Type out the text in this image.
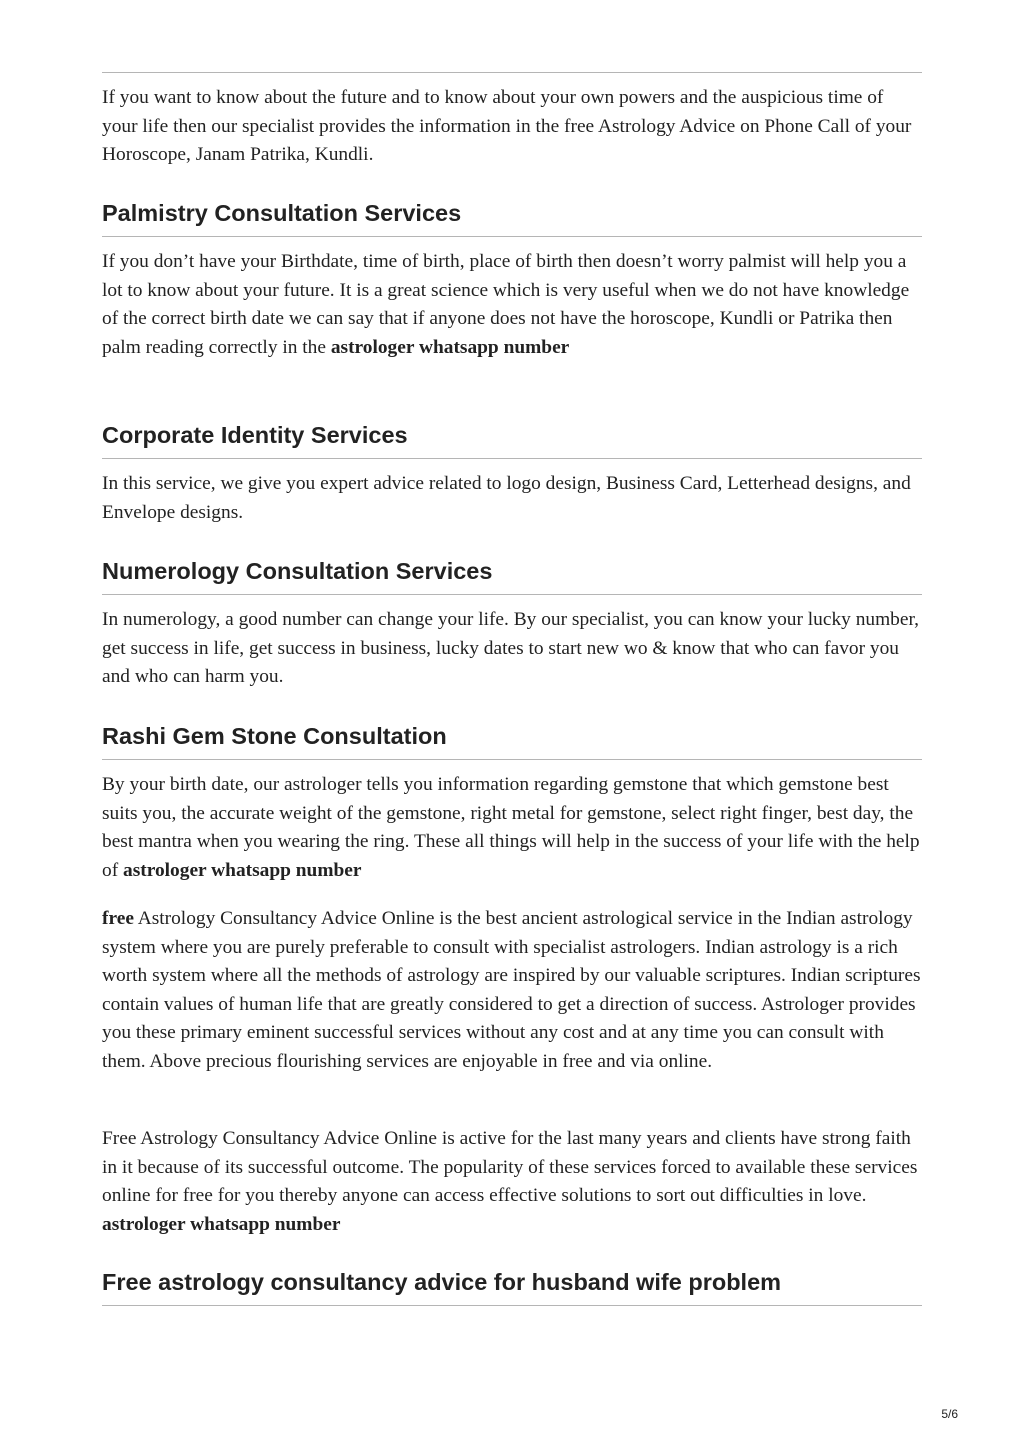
If you want to know about the future and to know about your own powers and the auspicious time of your life then our specialist provides the information in the free Astrology Advice on Phone Call of your Horoscope, Janam Patrika, Kundli.

Palmistry Consultation Services

If you don’t have your Birthdate, time of birth, place of birth then doesn’t worry palmist will help you a lot to know about your future. It is a great science which is very useful when we do not have knowledge of the correct birth date we can say that if anyone does not have the horoscope, Kundli or Patrika then palm reading correctly in the astrologer whatsapp number

Corporate Identity Services

In this service, we give you expert advice related to logo design, Business Card, Letterhead designs, and Envelope designs.

Numerology Consultation Services

In numerology, a good number can change your life. By our specialist, you can know your lucky number, get success in life, get success in business, lucky dates to start new wo & know that who can favor you and who can harm you.

Rashi Gem Stone Consultation

By your birth date, our astrologer tells you information regarding gemstone that which gemstone best suits you, the accurate weight of the gemstone, right metal for gemstone, select right finger, best day, the best mantra when you wearing the ring. These all things will help in the success of your life with the help of astrologer whatsapp number

free Astrology Consultancy Advice Online is the best ancient astrological service in the Indian astrology system where you are purely preferable to consult with specialist astrologers. Indian astrology is a rich worth system where all the methods of astrology are inspired by our valuable scriptures. Indian scriptures contain values of human life that are greatly considered to get a direction of success. Astrologer provides you these primary eminent successful services without any cost and at any time you can consult with them. Above precious flourishing services are enjoyable in free and via online.

Free Astrology Consultancy Advice Online is active for the last many years and clients have strong faith in it because of its successful outcome. The popularity of these services forced to available these services online for free for you thereby anyone can access effective solutions to sort out difficulties in love. astrologer whatsapp number

Free astrology consultancy advice for husband wife problem
5/6
